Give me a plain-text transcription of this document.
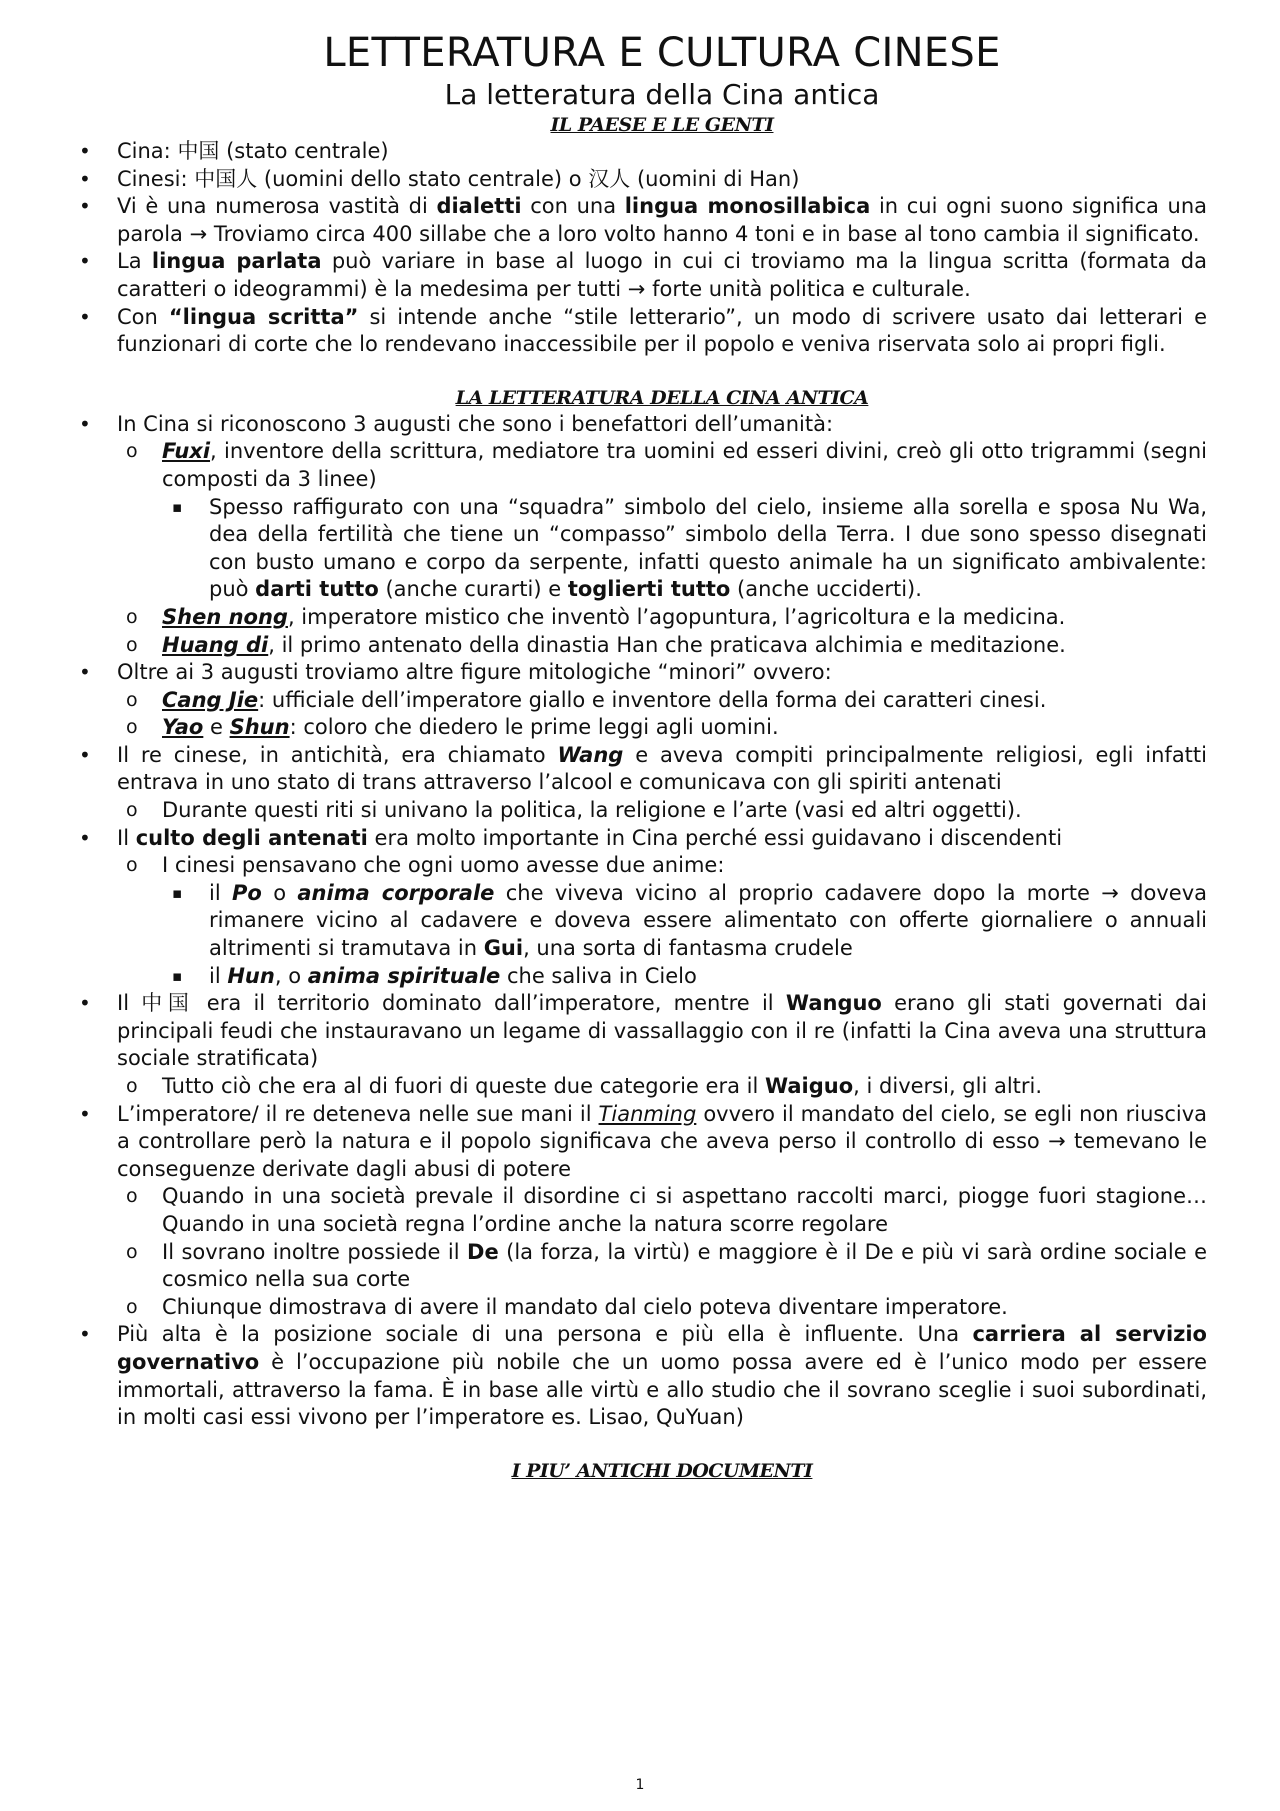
LETTERATURA E CULTURA CINESE
La letteratura della Cina antica
IL PAESE E LE GENTI
• Cina: 中国 (stato centrale)
• Cinesi: 中国人 (uomini dello stato centrale) o 汉人 (uomini di Han)
• Vi è una numerosa vastità di dialetti con una lingua monosillabica in cui ogni suono significa una parola → Troviamo circa 400 sillabe che a loro volto hanno 4 toni e in base al tono cambia il significato.
• La lingua parlata può variare in base al luogo in cui ci troviamo ma la lingua scritta (formata da caratteri o ideogrammi) è la medesima per tutti → forte unità politica e culturale.
• Con “lingua scritta” si intende anche “stile letterario”, un modo di scrivere usato dai letterari e funzionari di corte che lo rendevano inaccessibile per il popolo e veniva riservata solo ai propri figli.
LA LETTERATURA DELLA CINA ANTICA
• In Cina si riconoscono 3 augusti che sono i benefattori dell’umanità:
o Fuxi, inventore della scrittura, mediatore tra uomini ed esseri divini, creò gli otto trigrammi (segni composti da 3 linee)
▪ Spesso raffigurato con una “squadra” simbolo del cielo, insieme alla sorella e sposa Nu Wa, dea della fertilità che tiene un “compasso” simbolo della Terra. I due sono spesso disegnati con busto umano e corpo da serpente, infatti questo animale ha un significato ambivalente: può darti tutto (anche curarti) e toglierti tutto (anche ucciderti).
o Shen nong, imperatore mistico che inventò l’agopuntura, l’agricoltura e la medicina.
o Huang di, il primo antenato della dinastia Han che praticava alchimia e meditazione.
• Oltre ai 3 augusti troviamo altre figure mitologiche “minori” ovvero:
o Cang Jie: ufficiale dell’imperatore giallo e inventore della forma dei caratteri cinesi.
o Yao e Shun: coloro che diedero le prime leggi agli uomini.
• Il re cinese, in antichità, era chiamato Wang e aveva compiti principalmente religiosi, egli infatti entrava in uno stato di trans attraverso l’alcool e comunicava con gli spiriti antenati
o Durante questi riti si univano la politica, la religione e l’arte (vasi ed altri oggetti).
• Il culto degli antenati era molto importante in Cina perché essi guidavano i discendenti
o I cinesi pensavano che ogni uomo avesse due anime:
▪ il Po o anima corporale che viveva vicino al proprio cadavere dopo la morte → doveva rimanere vicino al cadavere e doveva essere alimentato con offerte giornaliere o annuali altrimenti si tramutava in Gui, una sorta di fantasma crudele
▪ il Hun, o anima spirituale che saliva in Cielo
• Il 中国 era il territorio dominato dall’imperatore, mentre il Wanguo erano gli stati governati dai principali feudi che instauravano un legame di vassallaggio con il re (infatti la Cina aveva una struttura sociale stratificata)
o Tutto ciò che era al di fuori di queste due categorie era il Waiguo, i diversi, gli altri.
• L’imperatore/ il re deteneva nelle sue mani il Tianming ovvero il mandato del cielo, se egli non riusciva a controllare però la natura e il popolo significava che aveva perso il controllo di esso → temevano le conseguenze derivate dagli abusi di potere
o Quando in una società prevale il disordine ci si aspettano raccolti marci, piogge fuori stagione… Quando in una società regna l’ordine anche la natura scorre regolare
o Il sovrano inoltre possiede il De (la forza, la virtù) e maggiore è il De e più vi sarà ordine sociale e cosmico nella sua corte
o Chiunque dimostrava di avere il mandato dal cielo poteva diventare imperatore.
• Più alta è la posizione sociale di una persona e più ella è influente. Una carriera al servizio governativo è l’occupazione più nobile che un uomo possa avere ed è l’unico modo per essere immortali, attraverso la fama. È in base alle virtù e allo studio che il sovrano sceglie i suoi subordinati, in molti casi essi vivono per l’imperatore es. Lisao, QuYuan)
I PIU’ ANTICHI DOCUMENTI
1
